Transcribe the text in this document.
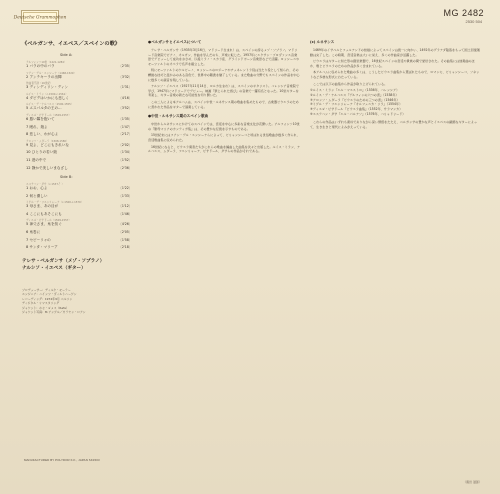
Deutsche Grammophon
MG 2482
2530 504
《ベルガンサ、イエペス／スペインの歌》
Side A:
アルフォンソ10世（1221-1284）
1 バラの中のバラ	〔2'35〕
フアン・デル・エンシーナ（1468-1529）
2 アンテキーラの出陣	〔3'32〕
作曲者不詳（16世紀）
3 ディンディリン・ディン	〔1'31〕
ルイス・ミラン（c.1500-c.1561）
4 ダビデはいかにも悲しく	〔4'16〕
ルイス・デ・ナルバエス（1500-1555）
5 エスパルタの王の…	〔3'52〕
ディエゴ・ピサドール（1509-1557）
6 悪い隣を抱いて	〔1'35〕
7 眠れ、娘よ	〔1'47〕
8 悲しい、わが心よ	〔2'17〕
アロンソ・ムダーラ（1508-1580）
9 見よ、どこにもきれいな	〔2'02〕
10 ひとりの若い娘	〔1'34〕
11 遊の中で	〔1'52〕
12 静かで美しいまなざし	〔2'36〕
Side B:
エステバン・ダサ（c.1537-？）
1 おお、心よ	〔1'22〕
2 何と優しい	〔1'33〕
ミゲル・デ・フエンリャーナ（c.1500-c.1579）
3 母さま、あの目が	〔1'12〕
4 ここにもあそこにも	〔1'46〕
ディエゴ・ピサドール（1509-1557）
5 神父さま、糸を紡ぐ	〔4'26〕
6 糸巻に	〔2'05〕
7 セビーリャの	〔1'58〕
8 サンタ・マリーア	〔2'18〕
テレサ・ベルガンサ（メゾ・ソプラノ）
ナルシソ・イエペス（ギター）
プロデューサー：ディルク・モーラー
エンジニア：ハインツ・ヴィルトハーゲン
レコーディング：1974年9月 ベルリン
ディジタル・リマスタリング
ジャケット：ホセ・ゴメス（Rafa）
ジャケット写真：M.アンゲル／カラヤン・ロアン
MANUFACTURED BY POLYDOR K.K., JAPAN SK1503
●ベルガンサとイエペスについて
テレサ・ベルガンサ（1935年3月16日、マドリード生まれ）は、スペインの誇るメゾ・ソプラノ。マドリード音楽院でピアノ、オルガン、作曲を学んだのち、声楽に転じた。1957年にエクサン・プロヴァンス音楽祭でデビューして成功をおさめ、以後ミラノ・スカラ座、グラインドボーン音楽祭などで活躍。ロッシーニやモーツァルトのオペラで名声を確立した。
特にモーツァルトのケルビーノ、ロッシーニのロジーナやチェネレントラ役は当たり役として知られ、その精緻な技巧と温かみのある音色で、世界中の聴衆を魅了している。また歌曲の分野でもスペインの作品を中心に数多くの録音を残している。
ナルシソ・イエペス（1927年11月14日、ロルカ生まれ）は、スペインのギタリスト。バレンシア音楽院で学び、1947年にマドリードでデビュー。映画『禁じられた遊び』の音楽で一躍有名となった。10弦ギターを考案し、ギター音楽の新たな可能性を切り開いた。
この二人による本アルバムは、スペイン中世・ルネサンス期の歌曲を集めたもので、古楽器ビウエラのために書かれた作品をギターで演奏している。
●中世・ルネサンス期のスペイン歌曲
中世からルネサンスにかけてのスペインでは、宮廷を中心に多彩な音楽文化が花開いた。アルフォンソ10世の『聖母マリアのカンティガ集』は、その豊かな伝統を示すものである。
15世紀末にはフアン・デル・エンシーナらによって、ビリャンシーコと呼ばれる世俗歌曲が数多く作られ、宮廷歌曲集に収められた。
16世紀になると、ビウエラ奏者たちがこれらの歌曲を編曲した曲集を次々と出版した。ルイス・ミラン、ナルバエス、ムダーラ、フエンリャーナ、ピサドール、ダサらの作品がそれである。
(c) ルネサンス
1469年のイサベルとフェルナンドの結婚によってスペインは統一に向かい、1492年のグラナダ陥落をもって国土回復運動は完了した。この時期、宮廷音楽は大いに栄え、多くの作曲家が活躍した。
ビウエラはギターに似た形の撥弦楽器で、16世紀スペインの宮廷や貴族の間で愛好された。その曲集には独奏曲のほか、歌とビウエラのための作品が多く含まれている。
本アルバムに収められた歌曲の多くは、こうしたビウエラ曲集から選ばれたもので、ロマンセ、ビリャンシーコ、ソネットなど多様な形式にわたっている。
ここでは以下の曲集から作品が取り上げられている。
①ルイス・ミラン『エル・マエストロ』（1536年、バレンシア）
②ルイス・デ・ナルバエス『デルフィンの六つの書』（1538年）
③アロンソ・ムダーラ『ビウエラのための三つの書』（1546年）
④ミゲル・デ・フエンリャーナ『オルフェニカ・リラ』（1554年）
⑤ディエゴ・ピサドール『ビウエラ曲集』（1552年、サラマンカ）
⑥エステバン・ダサ『エル・パルナソ』（1576年、バリャドリード）
これらの作品はいずれも素朴でありながら深い情感をたたえ、ベルガンサの豊かな声とイエペスの繊細なギターによって、生き生きと現代によみがえっている。
（濱田 滋郎）
